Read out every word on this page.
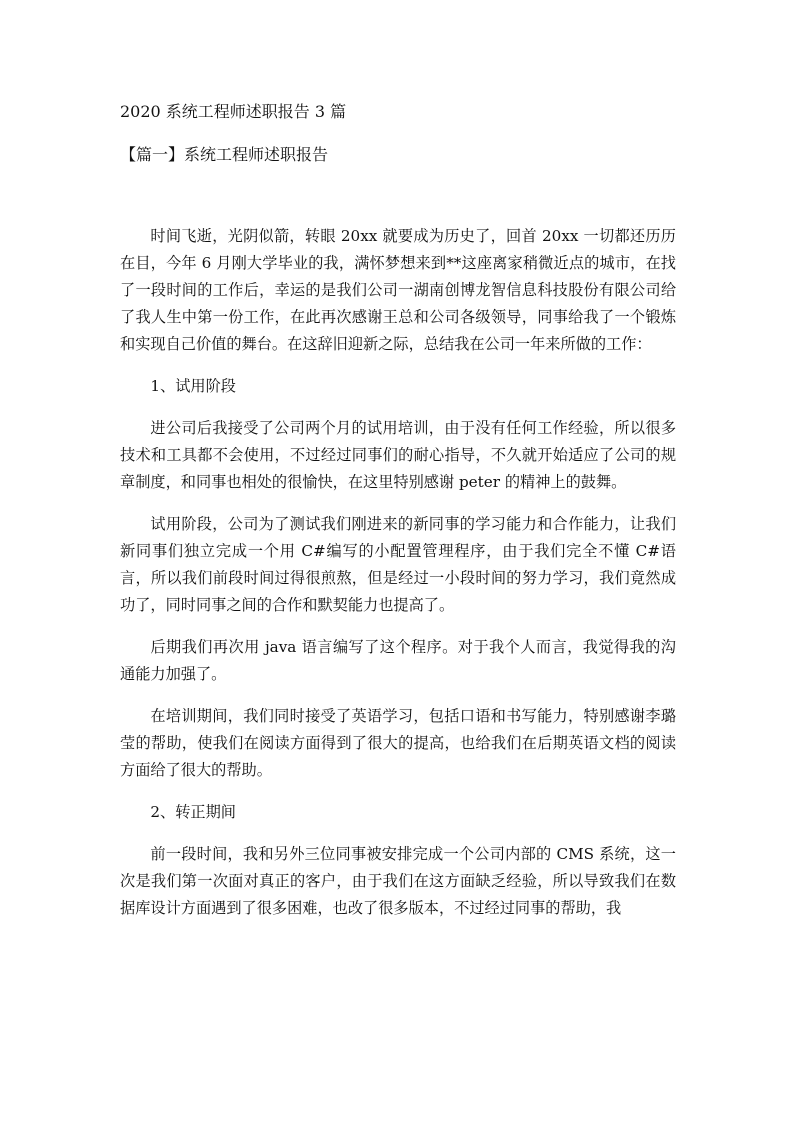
2020 系统工程师述职报告 3 篇
【篇一】系统工程师述职报告

时间飞逝，光阴似箭，转眼 20xx 就要成为历史了，回首 20xx 一切都还历历在目，今年 6 月刚大学毕业的我，满怀梦想来到**这座离家稍微近点的城市，在找了一段时间的工作后，幸运的是我们公司一湖南创博龙智信息科技股份有限公司给了我人生中第一份工作，在此再次感谢王总和公司各级领导，同事给我了一个锻炼和实现自己价值的舞台。在这辞旧迎新之际，总结我在公司一年来所做的工作：

1、试用阶段

进公司后我接受了公司两个月的试用培训，由于没有任何工作经验，所以很多技术和工具都不会使用，不过经过同事们的耐心指导，不久就开始适应了公司的规章制度，和同事也相处的很愉快，在这里特别感谢 peter 的精神上的鼓舞。

试用阶段，公司为了测试我们刚进来的新同事的学习能力和合作能力，让我们新同事们独立完成一个用 C#编写的小配置管理程序，由于我们完全不懂 C#语言，所以我们前段时间过得很煎熬，但是经过一小段时间的努力学习，我们竟然成功了，同时同事之间的合作和默契能力也提高了。

后期我们再次用 java 语言编写了这个程序。对于我个人而言，我觉得我的沟通能力加强了。

在培训期间，我们同时接受了英语学习，包括口语和书写能力，特别感谢李璐莹的帮助，使我们在阅读方面得到了很大的提高，也给我们在后期英语文档的阅读方面给了很大的帮助。

2、转正期间

前一段时间，我和另外三位同事被安排完成一个公司内部的 CMS 系统，这一次是我们第一次面对真正的客户，由于我们在这方面缺乏经验，所以导致我们在数据库设计方面遇到了很多困难，也改了很多版本，不过经过同事的帮助，我
